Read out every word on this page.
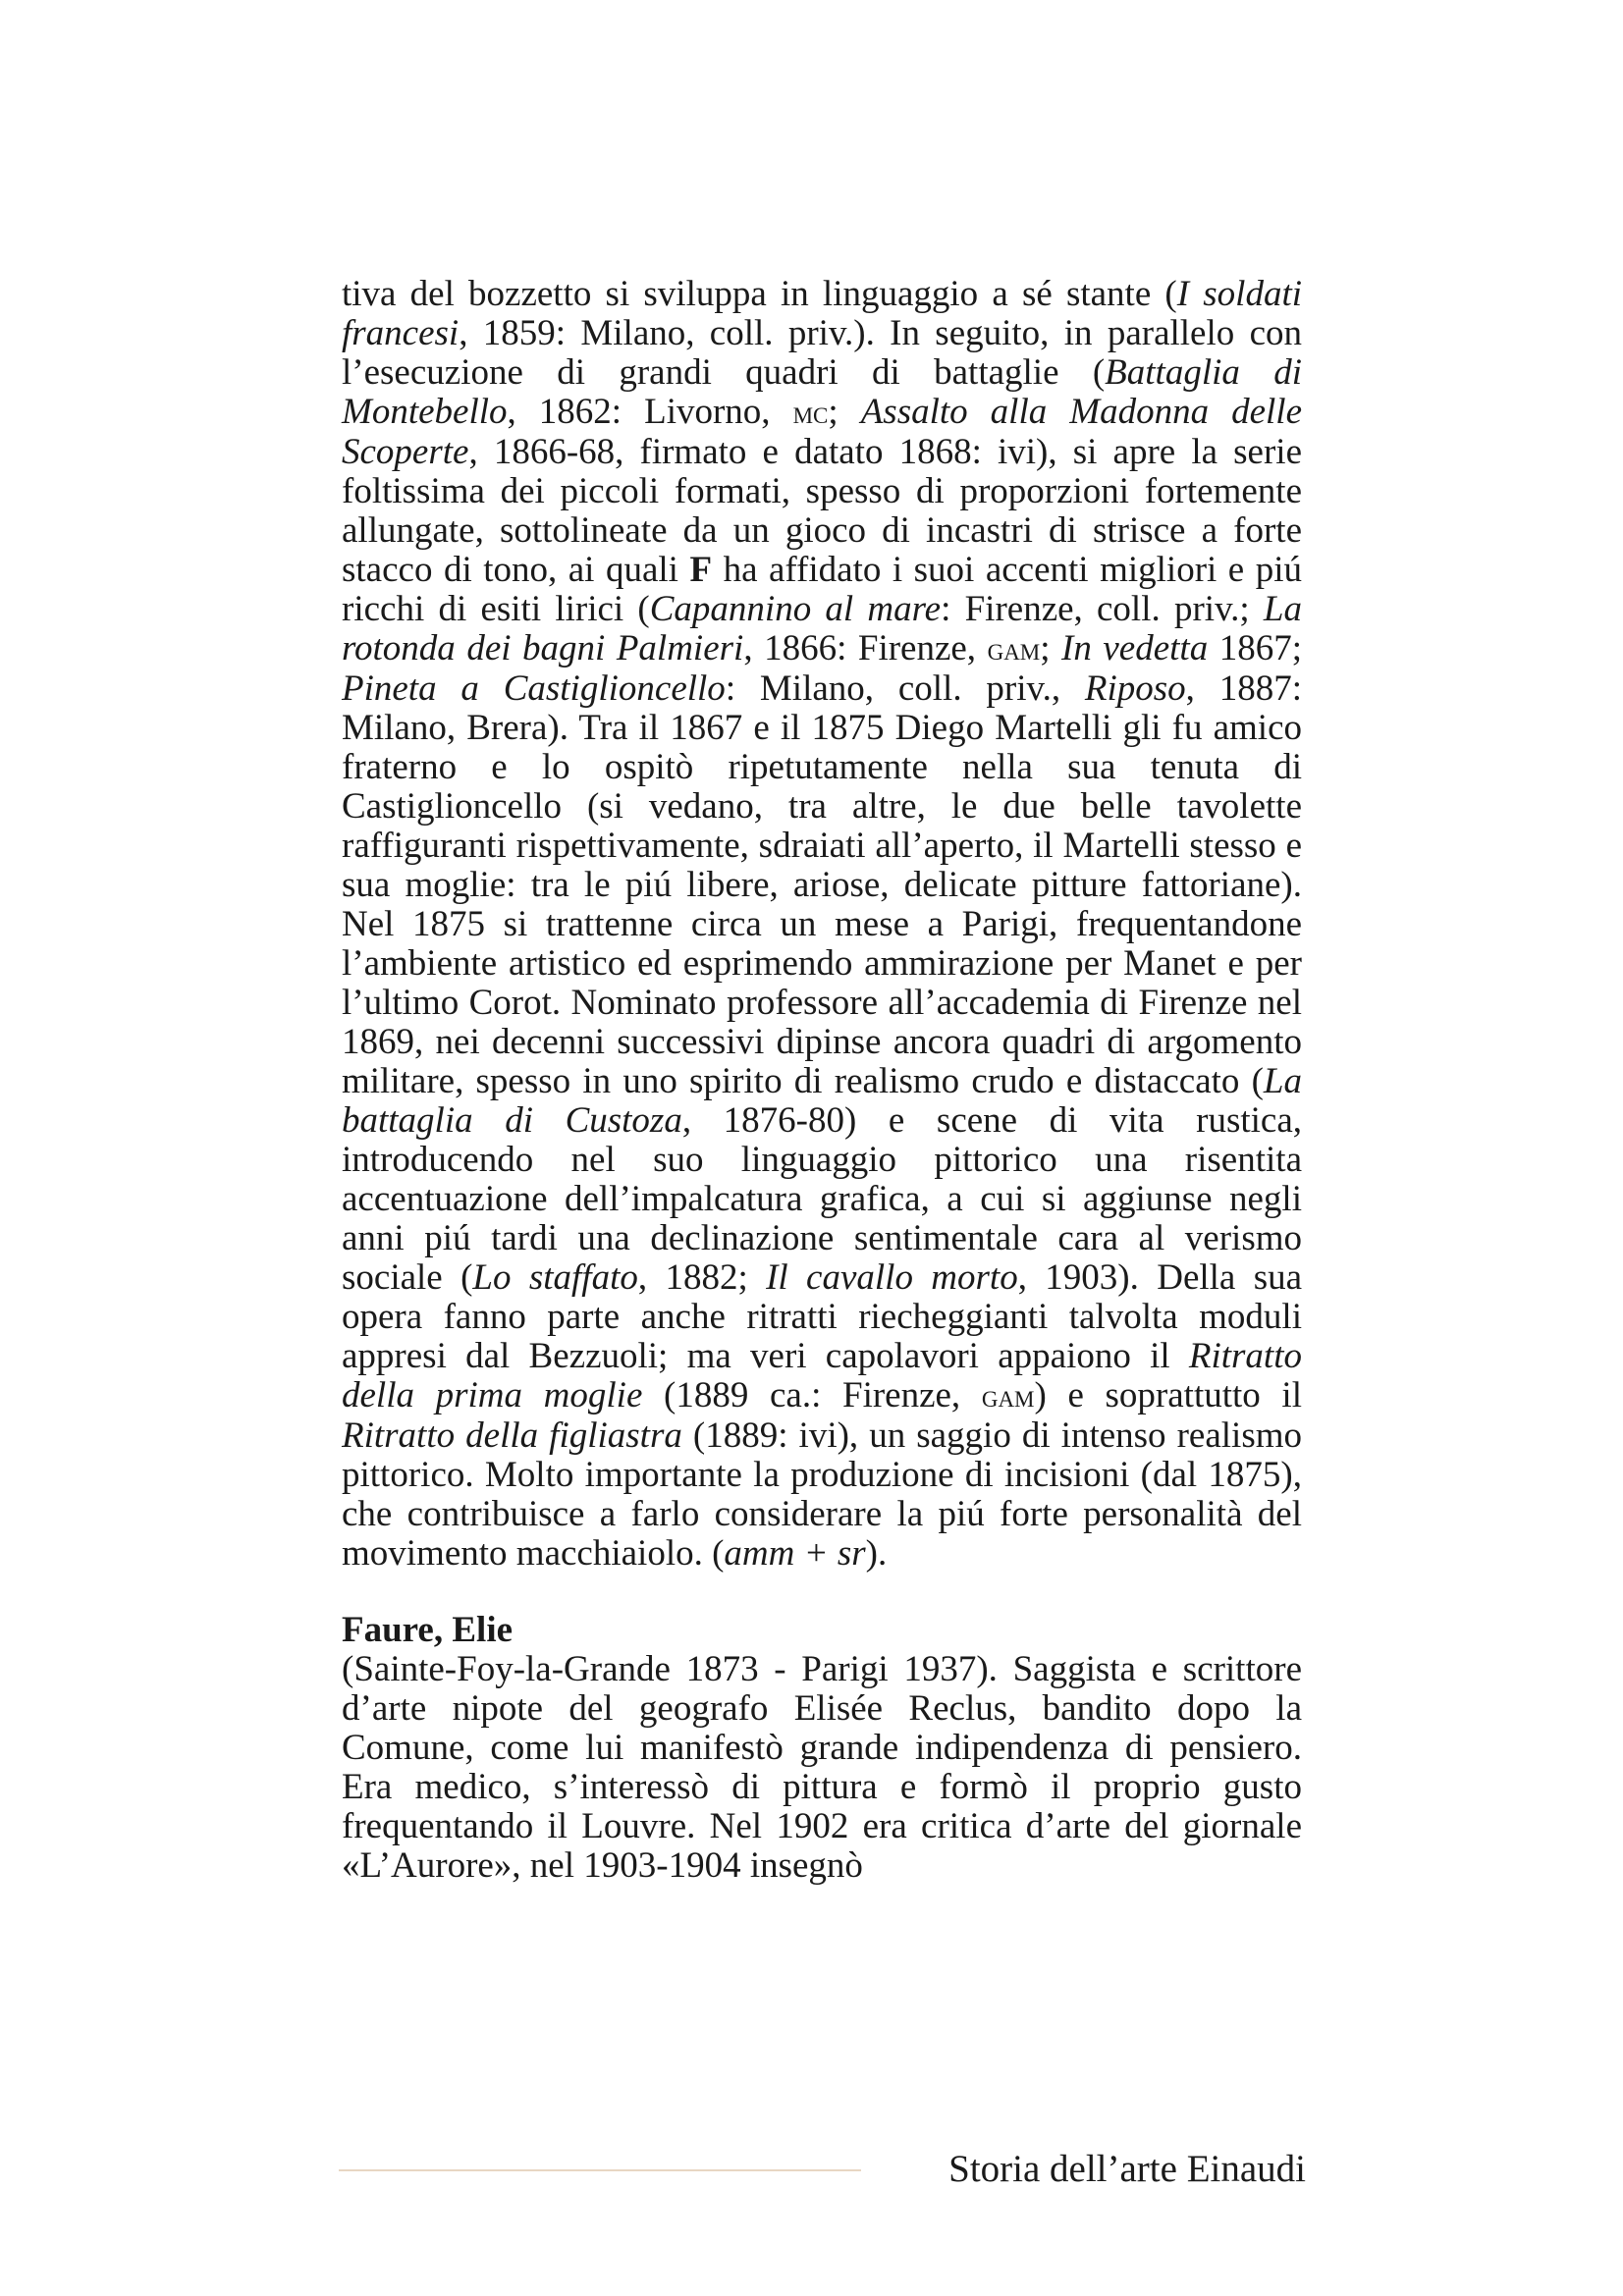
tiva del bozzetto si sviluppa in linguaggio a sé stante (I soldati francesi, 1859: Milano, coll. priv.). In seguito, in parallelo con l’esecuzione di grandi quadri di battaglie (Battaglia di Montebello, 1862: Livorno, mc; Assalto alla Madonna delle Scoperte, 1866-68, firmato e datato 1868: ivi), si apre la serie foltissima dei piccoli formati, spesso di proporzioni fortemente allungate, sottolineate da un gioco di incastri di strisce a forte stacco di tono, ai quali F ha affidato i suoi accenti migliori e piú ricchi di esiti lirici (Capannino al mare: Firenze, coll. priv.; La rotonda dei bagni Palmieri, 1866: Firenze, gam; In vedetta 1867; Pineta a Castiglioncello: Milano, coll. priv., Riposo, 1887: Milano, Brera). Tra il 1867 e il 1875 Diego Martelli gli fu amico fraterno e lo ospitò ripetutamente nella sua tenuta di Castiglioncello (si vedano, tra altre, le due belle tavolette raffiguranti rispettivamente, sdraiati all’aperto, il Martelli stesso e sua moglie: tra le piú libere, ariose, delicate pitture fattoriane). Nel 1875 si trattenne circa un mese a Parigi, frequentandone l’ambiente artistico ed esprimendo ammirazione per Manet e per l’ultimo Corot. Nominato professore all’accademia di Firenze nel 1869, nei decenni successivi dipinse ancora quadri di argomento militare, spesso in uno spirito di realismo crudo e distaccato (La battaglia di Custoza, 1876-80) e scene di vita rustica, introducendo nel suo linguaggio pittorico una risentita accentuazione dell’impalcatura grafica, a cui si aggiunse negli anni piú tardi una declinazione sentimentale cara al verismo sociale (Lo staffato, 1882; Il cavallo morto, 1903). Della sua opera fanno parte anche ritratti riecheggianti talvolta moduli appresi dal Bezzuoli; ma veri capolavori appaiono il Ritratto della prima moglie (1889 ca.: Firenze, gam) e soprattutto il Ritratto della figliastra (1889: ivi), un saggio di intenso realismo pittorico. Molto importante la produzione di incisioni (dal 1875), che contribuisce a farlo considerare la piú forte personalità del movimento macchiaiolo. (amm + sr).

Faure, Elie

(Sainte-Foy-la-Grande 1873 - Parigi 1937). Saggista e scrittore d’arte nipote del geografo Elisée Reclus, bandito dopo la Comune, come lui manifestò grande indipendenza di pensiero. Era medico, s’interessò di pittura e formò il proprio gusto frequentando il Louvre. Nel 1902 era critica d’arte del giornale «L’Aurore», nel 1903-1904 insegnò

Storia dell’arte Einaudi
